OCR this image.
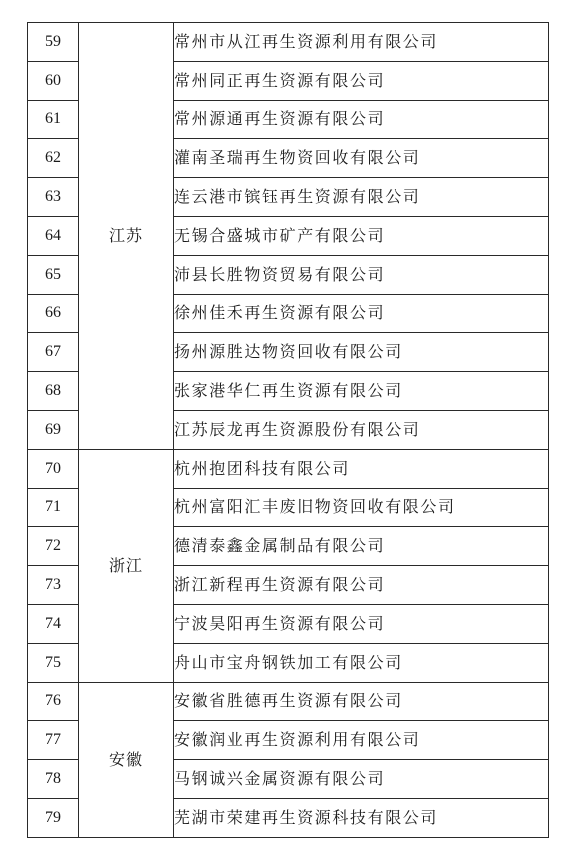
59	江苏	常州市从江再生资源利用有限公司
60		常州同正再生资源有限公司
61		常州源通再生资源有限公司
62		灌南圣瑞再生物资回收有限公司
63		连云港市镔钰再生资源有限公司
64		无锡合盛城市矿产有限公司
65		沛县长胜物资贸易有限公司
66		徐州佳禾再生资源有限公司
67		扬州源胜达物资回收有限公司
68		张家港华仁再生资源有限公司
69		江苏辰龙再生资源股份有限公司
70	浙江	杭州抱团科技有限公司
71		杭州富阳汇丰废旧物资回收有限公司
72		德清泰鑫金属制品有限公司
73		浙江新程再生资源有限公司
74		宁波昊阳再生资源有限公司
75		舟山市宝舟钢铁加工有限公司
76	安徽	安徽省胜德再生资源有限公司
77		安徽润业再生资源利用有限公司
78		马钢诚兴金属资源有限公司
79		芜湖市荣建再生资源科技有限公司
